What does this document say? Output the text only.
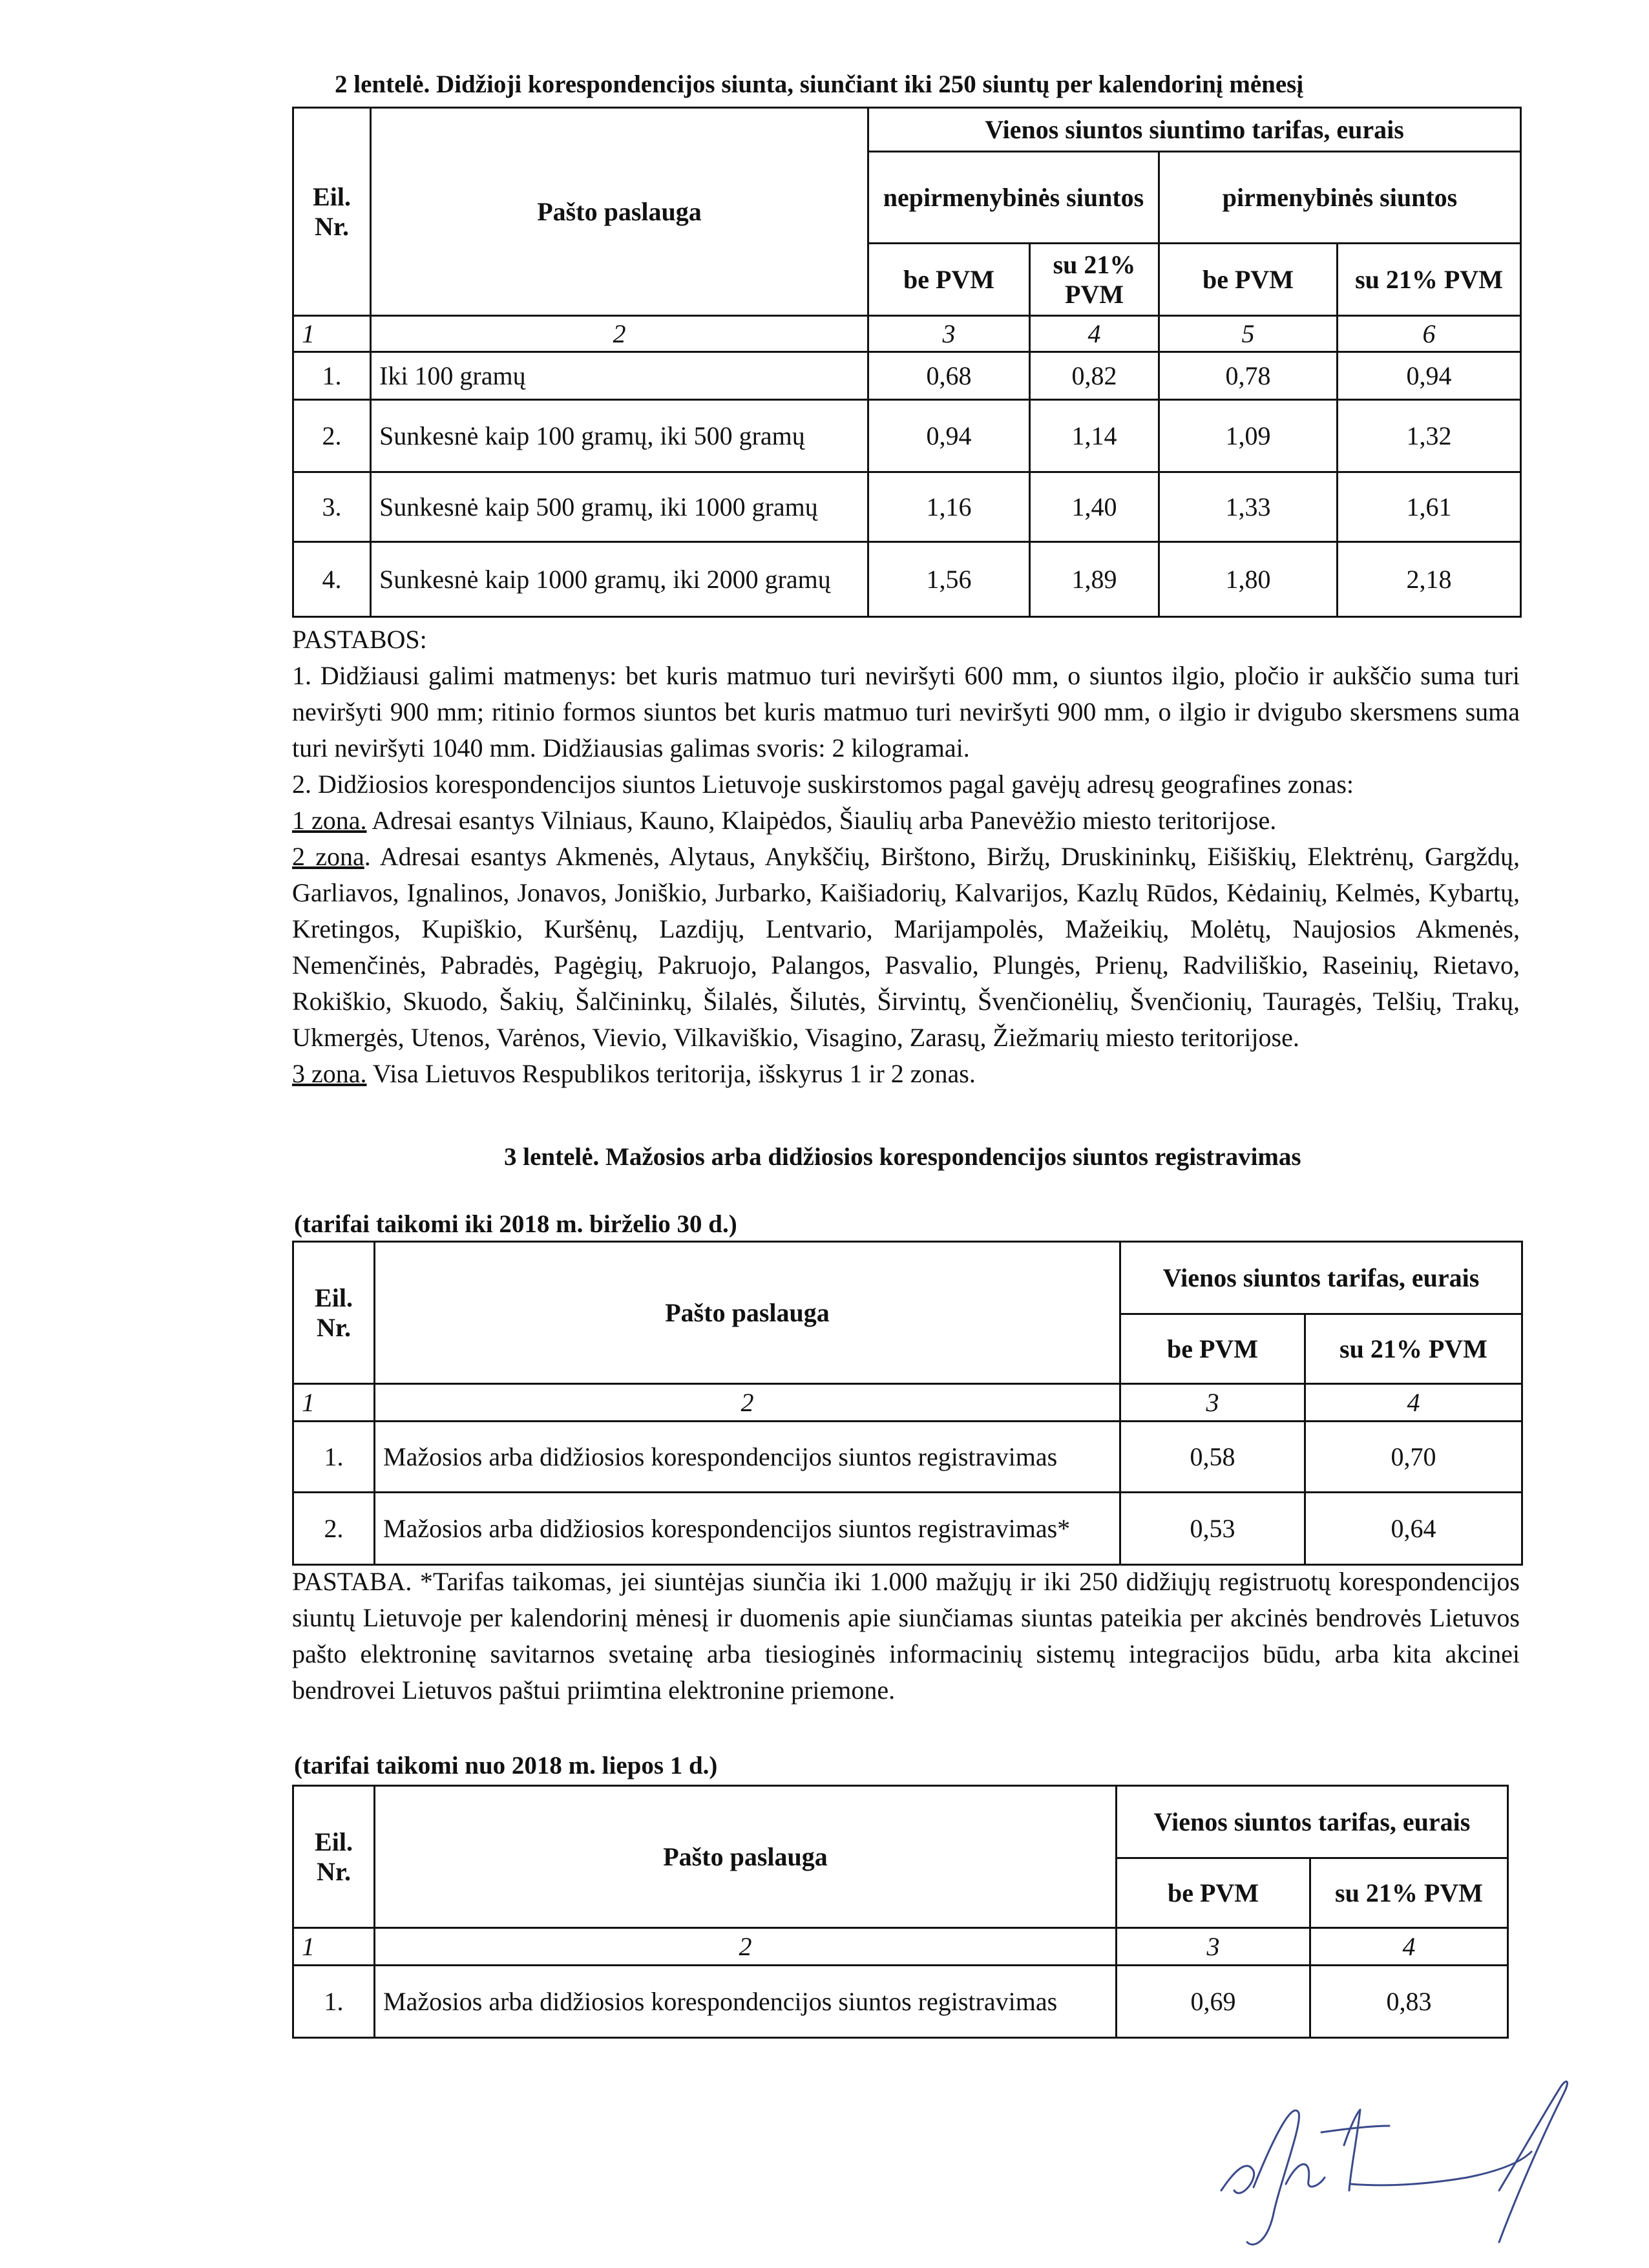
2 lentelė. Didžioji korespondencijos siunta, siunčiant iki 250 siuntų per kalendorinį mėnesį
Eil. Nr.	Pašto paslauga	Vienos siuntos siuntimo tarifas, eurais			
		nepirmenybinės siuntos		pirmenybinės siuntos	
		be PVM	su 21% PVM	be PVM	su 21% PVM
1	2	3	4	5	6
1.	Iki 100 gramų	0,68	0,82	0,78	0,94
2.	Sunkesnė kaip 100 gramų, iki 500 gramų	0,94	1,14	1,09	1,32
3.	Sunkesnė kaip 500 gramų, iki 1000 gramų	1,16	1,40	1,33	1,61
4.	Sunkesnė kaip 1000 gramų, iki 2000 gramų	1,56	1,89	1,80	2,18

PASTABOS:

1. Didžiausi galimi matmenys: bet kuris matmuo turi neviršyti 600 mm, o siuntos ilgio, pločio ir aukščio suma turi neviršyti 900 mm; ritinio formos siuntos bet kuris matmuo turi neviršyti 900 mm, o ilgio ir dvigubo skersmens suma turi neviršyti 1040 mm. Didžiausias galimas svoris: 2 kilogramai.

2. Didžiosios korespondencijos siuntos Lietuvoje suskirstomos pagal gavėjų adresų geografines zonas:

1 zona. Adresai esantys Vilniaus, Kauno, Klaipėdos, Šiaulių arba Panevėžio miesto teritorijose.

2 zona. Adresai esantys Akmenės, Alytaus, Anykščių, Birštono, Biržų, Druskininkų, Eišiškių, Elektrėnų, Gargždų, Garliavos, Ignalinos, Jonavos, Joniškio, Jurbarko, Kaišiadorių, Kalvarijos, Kazlų Rūdos, Kėdainių, Kelmės, Kybartų, Kretingos, Kupiškio, Kuršėnų, Lazdijų, Lentvario, Marijampolės, Mažeikių, Molėtų, Naujosios Akmenės, Nemenčinės, Pabradės, Pagėgių, Pakruojo, Palangos, Pasvalio, Plungės, Prienų, Radviliškio, Raseinių, Rietavo, Rokiškio, Skuodo, Šakių, Šalčininkų, Šilalės, Šilutės, Širvintų, Švenčionėlių, Švenčionių, Tauragės, Telšių, Trakų, Ukmergės, Utenos, Varėnos, Vievio, Vilkaviškio, Visagino, Zarasų, Žiežmarių miesto teritorijose.

3 zona. Visa Lietuvos Respublikos teritorija, išskyrus 1 ir 2 zonas.

3 lentelė. Mažosios arba didžiosios korespondencijos siuntos registravimas
(tarifai taikomi iki 2018 m. birželio 30 d.)
Eil. Nr.	Pašto paslauga	Vienos siuntos tarifas, eurais	
		be PVM	su 21% PVM
1	2	3	4
1.	Mažosios arba didžiosios korespondencijos siuntos registravimas	0,58	0,70
2.	Mažosios arba didžiosios korespondencijos siuntos registravimas*	0,53	0,64

PASTABA. *Tarifas taikomas, jei siuntėjas siunčia iki 1.000 mažųjų ir iki 250 didžiųjų registruotų korespondencijos siuntų Lietuvoje per kalendorinį mėnesį ir duomenis apie siunčiamas siuntas pateikia per akcinės bendrovės Lietuvos pašto elektroninę savitarnos svetainę arba tiesioginės informacinių sistemų integracijos būdu, arba kita akcinei bendrovei Lietuvos paštui priimtina elektronine priemone.

(tarifai taikomi nuo 2018 m. liepos 1 d.)
Eil. Nr.	Pašto paslauga	Vienos siuntos tarifas, eurais	
		be PVM	su 21% PVM
1	2	3	4
1.	Mažosios arba didžiosios korespondencijos siuntos registravimas	0,69	0,83
